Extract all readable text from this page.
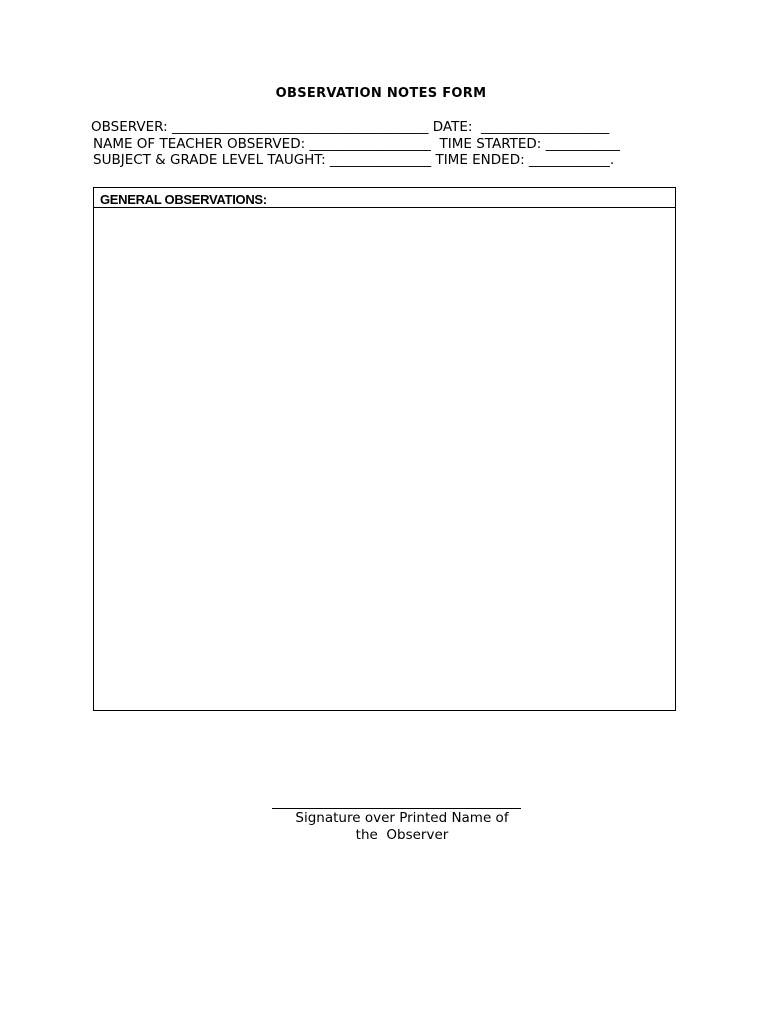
OBSERVATION NOTES FORM
OBSERVER: ______________________________________ DATE:  ___________________
NAME OF TEACHER OBSERVED: __________________  TIME STARTED: ___________
SUBJECT & GRADE LEVEL TAUGHT: _______________ TIME ENDED: ____________.
GENERAL OBSERVATIONS:
Signature over Printed Name of
the  Observer
